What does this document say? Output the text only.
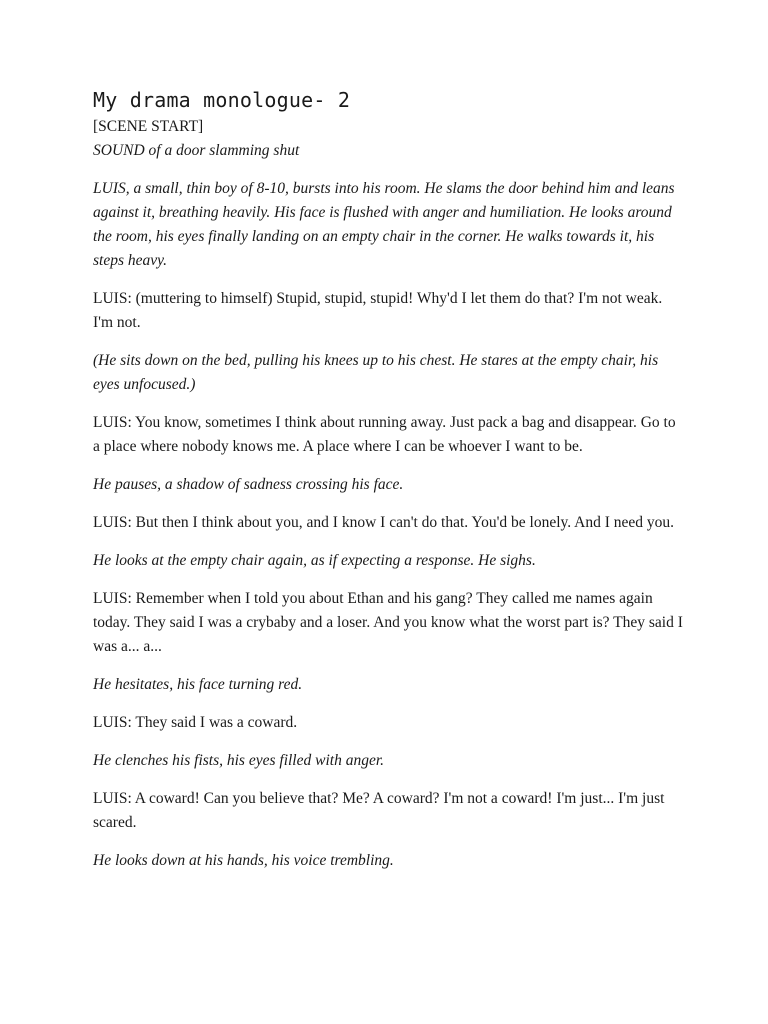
My drama monologue- 2

[SCENE START]

SOUND of a door slamming shut

LUIS, a small, thin boy of 8-10, bursts into his room. He slams the door behind him and leans against it, breathing heavily. His face is flushed with anger and humiliation. He looks around the room, his eyes finally landing on an empty chair in the corner. He walks towards it, his steps heavy.

LUIS: (muttering to himself) Stupid, stupid, stupid! Why'd I let them do that? I'm not weak. I'm not.

(He sits down on the bed, pulling his knees up to his chest. He stares at the empty chair, his eyes unfocused.)

LUIS: You know, sometimes I think about running away. Just pack a bag and disappear. Go to a place where nobody knows me. A place where I can be whoever I want to be.

He pauses, a shadow of sadness crossing his face.

LUIS: But then I think about you, and I know I can't do that. You'd be lonely. And I need you.

He looks at the empty chair again, as if expecting a response. He sighs.

LUIS: Remember when I told you about Ethan and his gang? They called me names again today. They said I was a crybaby and a loser. And you know what the worst part is? They said I was a... a...

He hesitates, his face turning red.

LUIS: They said I was a coward.

He clenches his fists, his eyes filled with anger.

LUIS: A coward! Can you believe that? Me? A coward? I'm not a coward! I'm just... I'm just scared.

He looks down at his hands, his voice trembling.
